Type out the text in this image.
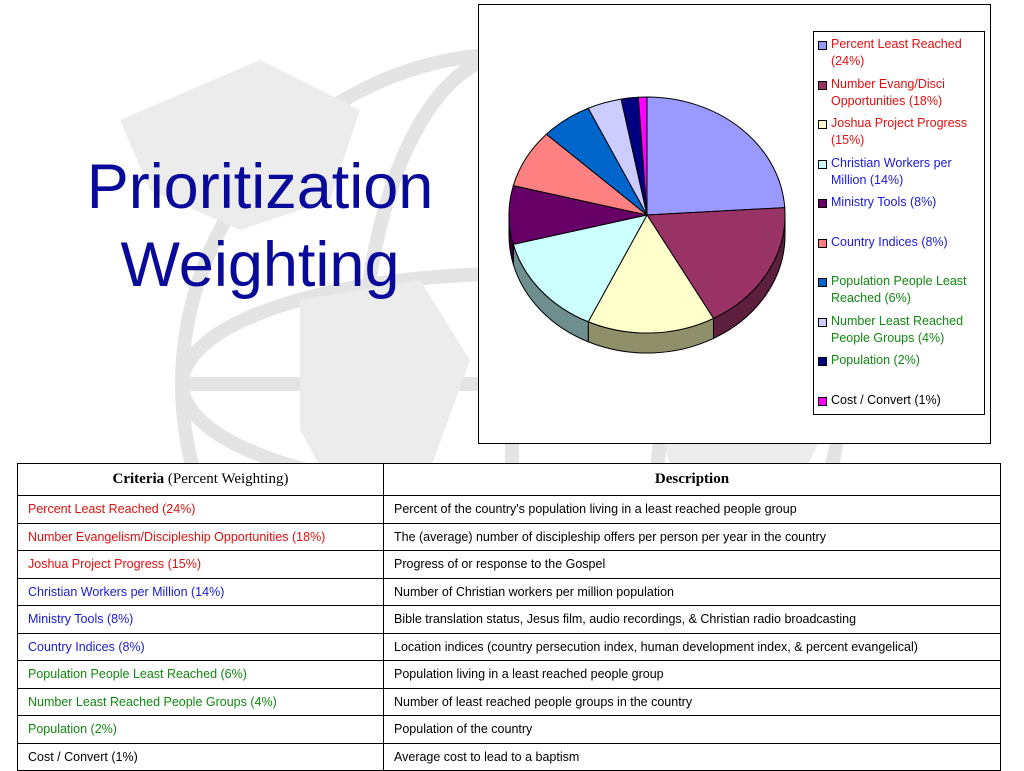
Prioritization
Weighting
Percent Least Reached (24%)
Number Evang/Disci Opportunities (18%)
Joshua Project Progress (15%)
Christian Workers per Million (14%)
Ministry Tools (8%)
Country Indices (8%)
Population People Least Reached (6%)
Number Least Reached People Groups (4%)
Population (2%)
Cost / Convert (1%)
Criteria (Percent Weighting)	Description
Percent Least Reached (24%)	Percent of the country's population living in a least reached people group
Number Evangelism/Discipleship Opportunities (18%)	The (average) number of discipleship offers per person per year in the country
Joshua Project Progress (15%)	Progress of or response to the Gospel
Christian Workers per Million (14%)	Number of Christian workers per million population
Ministry Tools (8%)	Bible translation status, Jesus film, audio recordings, & Christian radio broadcasting
Country Indices (8%)	Location indices (country persecution index, human development index, & percent evangelical)
Population People Least Reached (6%)	Population living in a least reached people group
Number Least Reached People Groups (4%)	Number of least reached people groups in the country
Population (2%)	Population of the country
Cost / Convert (1%)	Average cost to lead to a baptism
